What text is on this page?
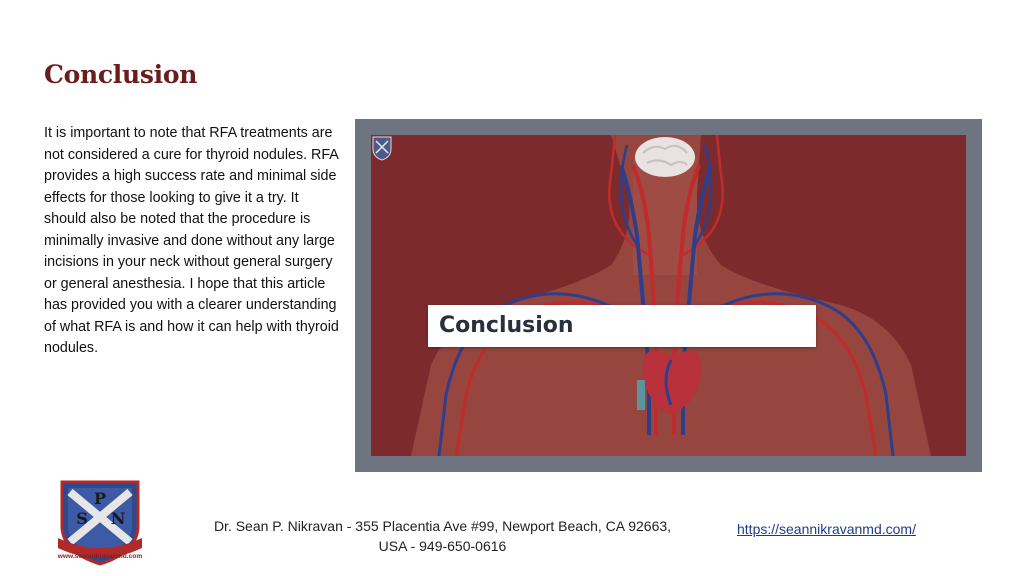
Conclusion
It is important to note that RFA treatments are not considered a cure for thyroid nodules. RFA provides a high success rate and minimal side effects for those looking to give it a try. It should also be noted that the procedure is minimally invasive and done without any large incisions in your neck without general surgery or general anesthesia. I hope that this article has provided you with a clearer understanding of what RFA is and how it can help with thyroid nodules.
Conclusion
P
S N
www.seannikravanmd.com
Dr. Sean P. Nikravan - 355 Placentia Ave #99, Newport Beach, CA 92663,
USA - 949-650-0616
https://seannikravanmd.com/
